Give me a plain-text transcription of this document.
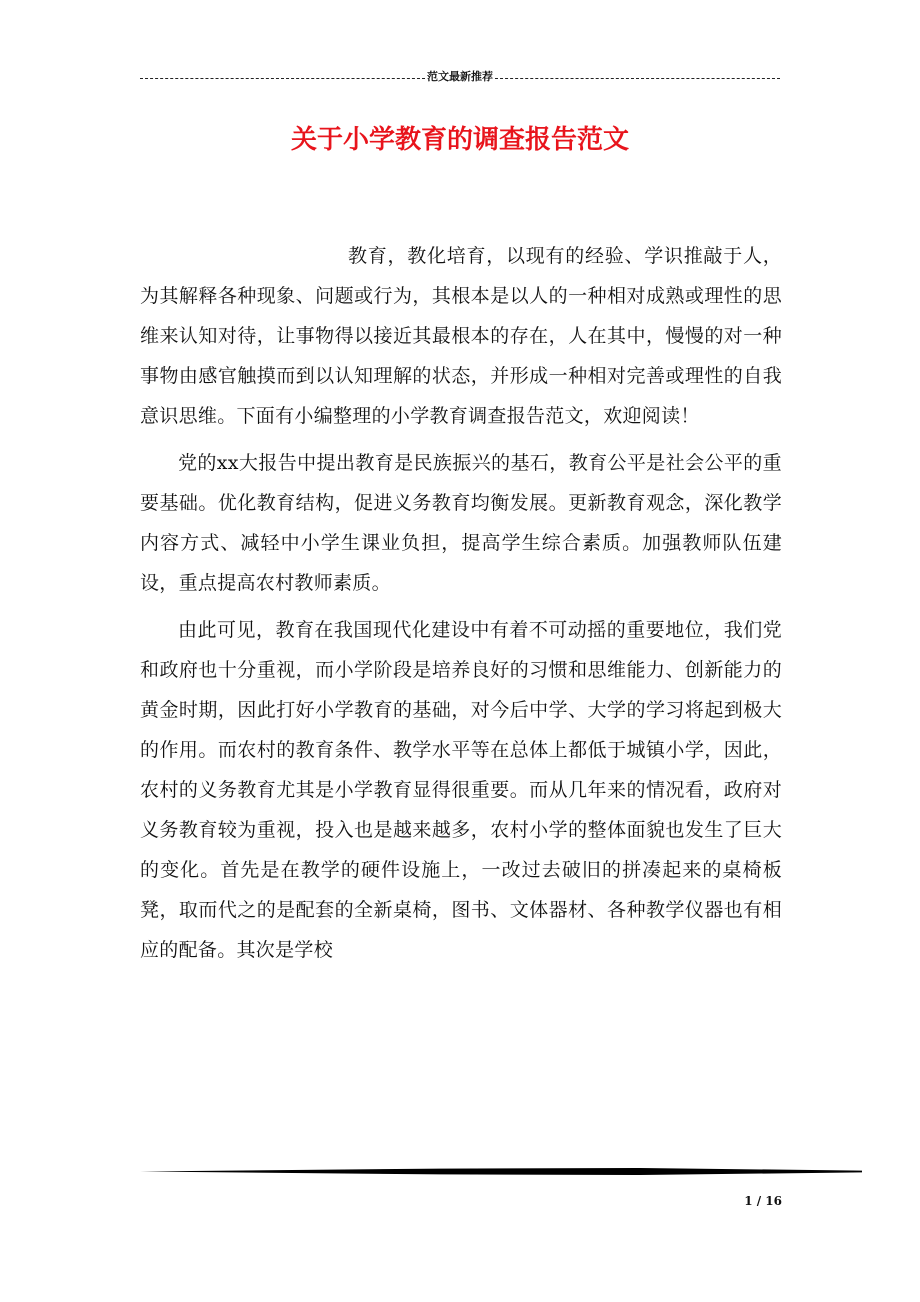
范文最新推荐
关于小学教育的调查报告范文

教育，教化培育，以现有的经验、学识推敲于人，为其解释各种现象、问题或行为，其根本是以人的一种相对成熟或理性的思维来认知对待，让事物得以接近其最根本的存在，人在其中，慢慢的对一种事物由感官触摸而到以认知理解的状态，并形成一种相对完善或理性的自我意识思维。下面有小编整理的小学教育调查报告范文，欢迎阅读！

党的xx大报告中提出教育是民族振兴的基石，教育公平是社会公平的重要基础。优化教育结构，促进义务教育均衡发展。更新教育观念，深化教学内容方式、减轻中小学生课业负担，提高学生综合素质。加强教师队伍建设，重点提高农村教师素质。

由此可见，教育在我国现代化建设中有着不可动摇的重要地位，我们党和政府也十分重视，而小学阶段是培养良好的习惯和思维能力、创新能力的黄金时期，因此打好小学教育的基础，对今后中学、大学的学习将起到极大的作用。而农村的教育条件、教学水平等在总体上都低于城镇小学，因此，农村的义务教育尤其是小学教育显得很重要。而从几年来的情况看，政府对义务教育较为重视，投入也是越来越多，农村小学的整体面貌也发生了巨大的变化。首先是在教学的硬件设施上，一改过去破旧的拼凑起来的桌椅板凳，取而代之的是配套的全新桌椅，图书、文体器材、各种教学仪器也有相应的配备。其次是学校

1 / 16
